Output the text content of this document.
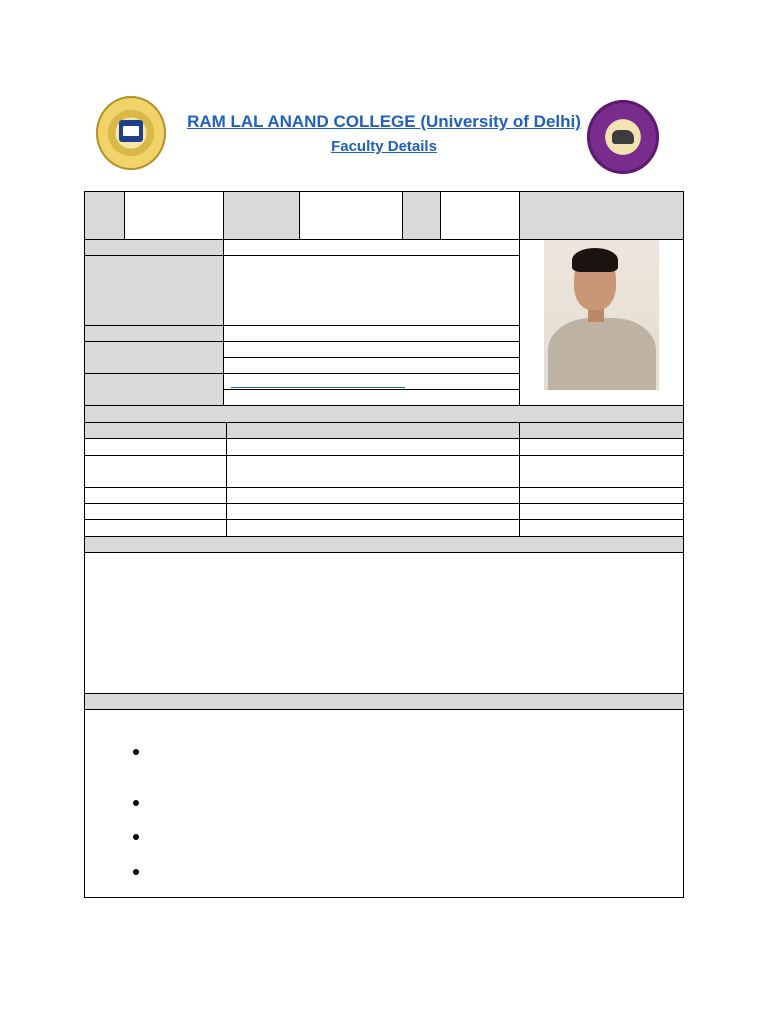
RAM LAL ANAND COLLEGE (University of Delhi)
Faculty Details
